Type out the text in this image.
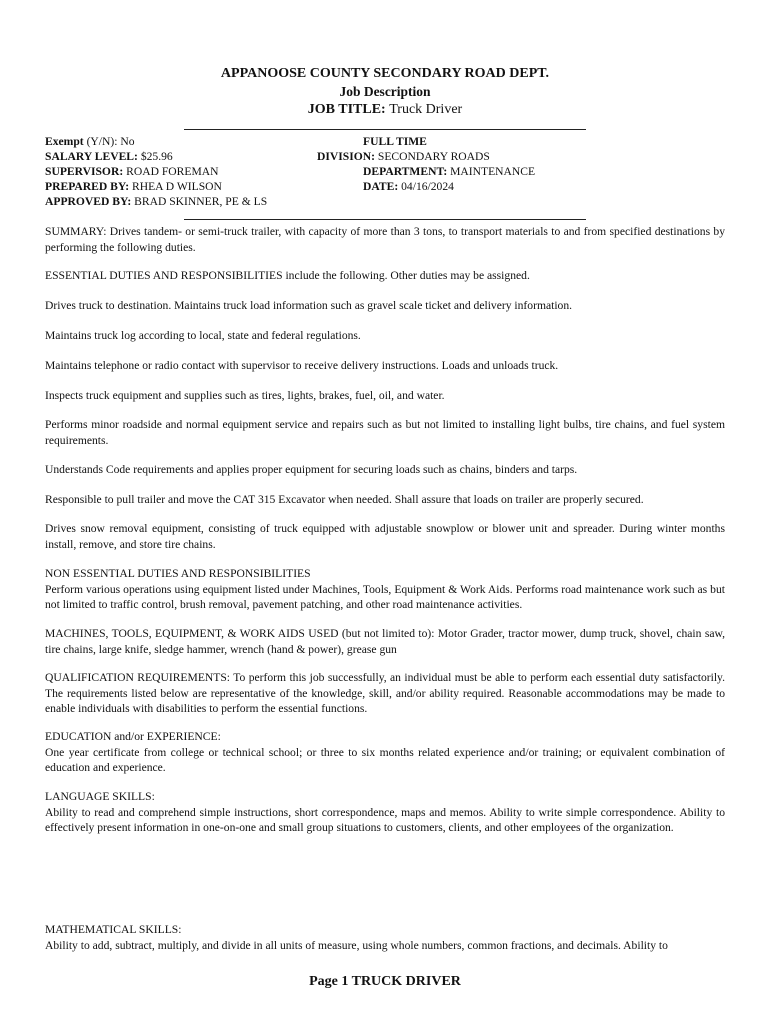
APPANOOSE COUNTY SECONDARY ROAD DEPT.
Job Description
JOB TITLE: Truck Driver
Exempt (Y/N): No	FULL TIME
SALARY LEVEL: $25.96	DIVISION: SECONDARY ROADS
SUPERVISOR: ROAD FOREMAN	DEPARTMENT: MAINTENANCE
PREPARED BY: RHEA D WILSON	DATE: 04/16/2024
APPROVED BY: BRAD SKINNER, PE & LS

SUMMARY: Drives tandem- or semi-truck trailer, with capacity of more than 3 tons, to transport materials to and from specified destinations by performing the following duties.

ESSENTIAL DUTIES AND RESPONSIBILITIES include the following. Other duties may be assigned.

Drives truck to destination. Maintains truck load information such as gravel scale ticket and delivery information.

Maintains truck log according to local, state and federal regulations.

Maintains telephone or radio contact with supervisor to receive delivery instructions. Loads and unloads truck.

Inspects truck equipment and supplies such as tires, lights, brakes, fuel, oil, and water.

Performs minor roadside and normal equipment service and repairs such as but not limited to installing light bulbs, tire chains, and fuel system requirements.

Understands Code requirements and applies proper equipment for securing loads such as chains, binders and tarps.

Responsible to pull trailer and move the CAT 315 Excavator when needed. Shall assure that loads on trailer are properly secured.

Drives snow removal equipment, consisting of truck equipped with adjustable snowplow or blower unit and spreader. During winter months install, remove, and store tire chains.

NON ESSENTIAL DUTIES AND RESPONSIBILITIES
Perform various operations using equipment listed under Machines, Tools, Equipment & Work Aids. Performs road maintenance work such as but not limited to traffic control, brush removal, pavement patching, and other road maintenance activities.

MACHINES, TOOLS, EQUIPMENT, & WORK AIDS USED (but not limited to): Motor Grader, tractor mower, dump truck, shovel, chain saw, tire chains, large knife, sledge hammer, wrench (hand & power), grease gun

QUALIFICATION REQUIREMENTS: To perform this job successfully, an individual must be able to perform each essential duty satisfactorily. The requirements listed below are representative of the knowledge, skill, and/or ability required. Reasonable accommodations may be made to enable individuals with disabilities to perform the essential functions.

EDUCATION and/or EXPERIENCE:
One year certificate from college or technical school; or three to six months related experience and/or training; or equivalent combination of education and experience.
LANGUAGE SKILLS:
Ability to read and comprehend simple instructions, short correspondence, maps and memos. Ability to write simple correspondence. Ability to effectively present information in one-on-one and small group situations to customers, clients, and other employees of the organization.
MATHEMATICAL SKILLS:
Ability to add, subtract, multiply, and divide in all units of measure, using whole numbers, common fractions, and decimals. Ability to
Page 1 TRUCK DRIVER
